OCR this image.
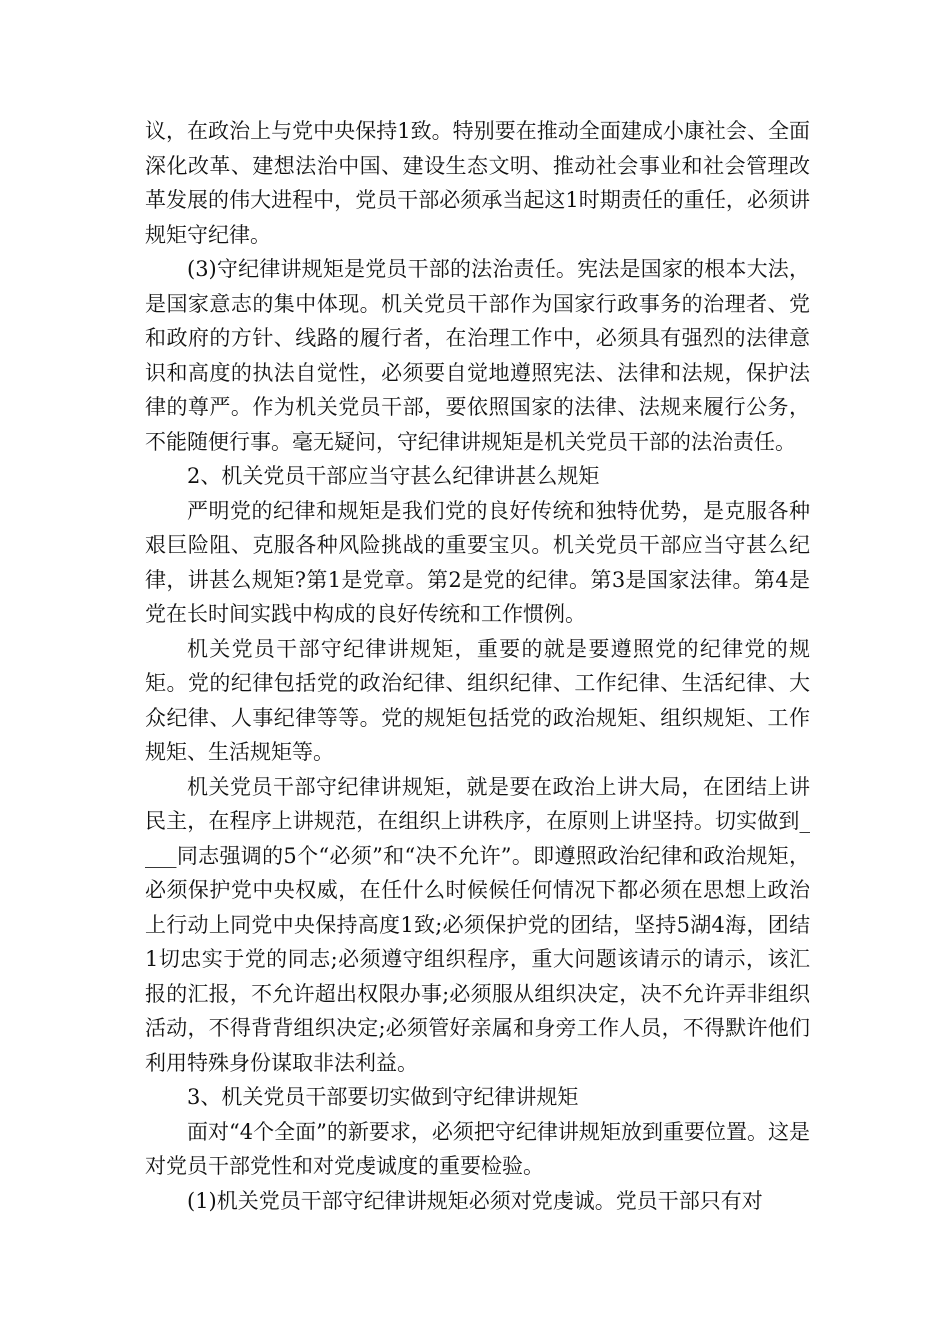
议，在政治上与党中央保持1致。特别要在推动全面建成小康社会、全面深化改革、建想法治中国、建设生态文明、推动社会事业和社会管理改革发展的伟大进程中，党员干部必须承当起这1时期责任的重任，必须讲规矩守纪律。

(3)守纪律讲规矩是党员干部的法治责任。宪法是国家的根本大法，是国家意志的集中体现。机关党员干部作为国家行政事务的治理者、党和政府的方针、线路的履行者，在治理工作中，必须具有强烈的法律意识和高度的执法自觉性，必须要自觉地遵照宪法、法律和法规，保护法律的尊严。作为机关党员干部，要依照国家的法律、法规来履行公务，不能随便行事。毫无疑问，守纪律讲规矩是机关党员干部的法治责任。

2、机关党员干部应当守甚么纪律讲甚么规矩

严明党的纪律和规矩是我们党的良好传统和独特优势，是克服各种艰巨险阻、克服各种风险挑战的重要宝贝。机关党员干部应当守甚么纪律，讲甚么规矩?第1是党章。第2是党的纪律。第3是国家法律。第4是党在长时间实践中构成的良好传统和工作惯例。

机关党员干部守纪律讲规矩，重要的就是要遵照党的纪律党的规矩。党的纪律包括党的政治纪律、组织纪律、工作纪律、生活纪律、大众纪律、人事纪律等等。党的规矩包括党的政治规矩、组织规矩、工作规矩、生活规矩等。

机关党员干部守纪律讲规矩，就是要在政治上讲大局，在团结上讲民主，在程序上讲规范，在组织上讲秩序，在原则上讲坚持。切实做到____同志强调的5个“必须”和“决不允许”。即遵照政治纪律和政治规矩，必须保护党中央权威，在任什么时候候任何情况下都必须在思想上政治上行动上同党中央保持高度1致;必须保护党的团结，坚持5湖4海，团结1切忠实于党的同志;必须遵守组织程序，重大问题该请示的请示，该汇报的汇报，不允许超出权限办事;必须服从组织决定，决不允许弄非组织活动，不得背背组织决定;必须管好亲属和身旁工作人员，不得默许他们利用特殊身份谋取非法利益。

3、机关党员干部要切实做到守纪律讲规矩

面对“4个全面”的新要求，必须把守纪律讲规矩放到重要位置。这是对党员干部党性和对党虔诚度的重要检验。

(1)机关党员干部守纪律讲规矩必须对党虔诚。党员干部只有对
